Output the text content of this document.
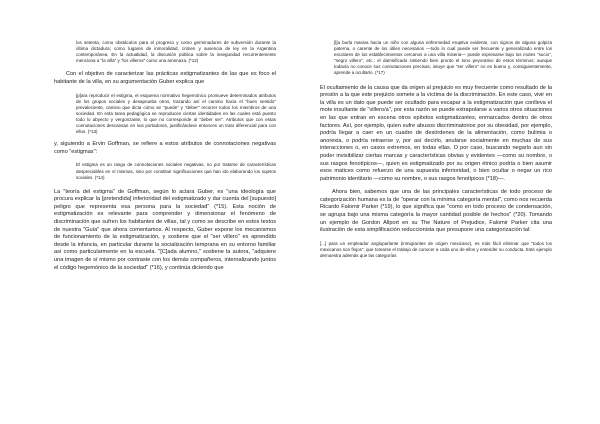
los setenta, como obstáculos para el progreso y como germinadores de subversión durante la última dictadura; como lugares de inmoralidad, crimen y ausencia de ley en la Argentina contemporánea. En la actualidad, la discusión pública sobre la inseguridad recurrentemente menciona a "la villa" y "los villeros" como una amenaza. (*12)

Con el objetivo de caracterizar las prácticas estigmatizantes de las que es foco el habitante de la villa, en su argumentación Guber explica que

[p]ara reproducir el estigma, el esquema normativo hegemónico promueve determinados atributos de los grupos sociales y desaprueba otros, trazando así el camino hacia el "buen sentido" prevaleciente, camino que dicta cómo se "puede" y "deber" recorrer todos los miembros de una sociedad. En esta tarea pedagógica se reproducen ciertas identidades en las cuales está puesto todo lo abyecto y vergonzante, lo que no corresponde al "deber ser". Atributos que con estas connotaciones descansan en sus portadores, justificándose entonces un trato diferencial para con ellos. (*13)

y, siguiendo a Ervin Goffman, se refiere a estos atributos de connotaciones negativas como "estigmas":

El estigma es un rasgo de connotaciones sociales negativas, no por tratarse de características despreciables en sí mismas, sino por constituir significaciones que han ido elaborando los sujetos sociales. (*14)

La "teoría del estigma" de Goffman, según lo aclara Guber, es "una ideología que procura explicar la [pretendida] inferioridad del estigmatizado y dar cuenta del [supuesto] peligro que representa esa persona para la sociedad" (*15). Esta noción de estigmatización es relevante para comprender y dimensionar el fenómeno de discriminación que sufren los habitantes de villas, tal y como se describe en estos textos de nuestra "Guía" que ahora comentamos. Al respecto, Guber expone los mecanismos de funcionamiento de la estigmatización, y sostiene que el "ser villero" es aprendido desde la infancia, en particular durante la socialización temprana en su entorno familiar así como particularmente en la escuela. "[C]ada alumno," sostiene la autora, "adquiere una imagen de sí mismo por contraste con los demás compañeros, internalizando juntos el código hegemónico de la sociedad" (*16), y continúa diciendo que

[l]a burla masiva hacia un niño con alguna enfermedad eruptiva evidente, con signos de alguna golpiza paterna, o carente de los útiles necesarios —todo lo cual puede ser frecuente y generalizado entre los escolares de los establecimientos cercanos a una villa miseria— puede expresarse bajo los motes "sucio", "negro villero", etc.; el damnificado sintiendo bien pronto el tono peyorativo de estos términos; aunque todavía no conoce sus connotaciones precisas, intuye que "ser villero" no es bueno y, consiguientemente, aprende a ocultarlo. (*17)

El ocultamiento de la causa que da origen al prejuicio es muy frecuente como resultado de la presión a la que este prejuicio somete a la víctima de la discriminación. En este caso, vivir en la villa es un dato que puede ser ocultado para escapar a la estigmatización que conlleva el mote insultante de "villero/a", por esta razón se puede extrapolarse a varios otros situaciones en las que entran en escena otros epítetos estigmatizantes, enmarcados dentro de otros factores. Así, por ejemplo, quien sufre abusos discriminatorios por su obesidad, por ejemplo, podría llegar a caer en un cuadro de desórdenes de la alimentación, como bulimia o anorexia, o podría retraerse y, por así decirlo, anularse socialmente en muchas de sus interacciones o, en casos extremos, en todas ellas. O por caso, buscando negarlo aun sin poder invisibilizar ciertas marcas y características obvias y evidentes —como su nombre, o sus rasgos fenotípicos—, quien es estigmatizado por su origen étnico podría o bien asumir esos matices como refuerzo de una supuesta inferioridad, o bien ocultar o negar un rico patrimonio identitario —como su nombre, o sus rasgos fenotípicos (*18)—.

Ahora bien, sabemos que una de las principales características de todo proceso de categorización humana es la de "operar con la mínima categoría mental", como nos recuerda Ricardo Falomir Parker (*19), lo que significa que "como en todo proceso de condensación, se agrupa bajo una misma categoría la mayor cantidad posible de hechos" (*20). Tomando un ejemplo de Gordon Allport en su The Nature of Prejudice, Falomir Parker cita una ilustración de esta simplificación reduccionista que presupone una categorización tal:

[...] para un empleador angloparlante (inmigrantes de origen mexicano), es más fácil eliminar que "todos los mexicanos son flojos", que tomarse el trabajo de conocer a cada uno de ellos y entender su conducta. Este ejemplo demuestra además que las categorías
